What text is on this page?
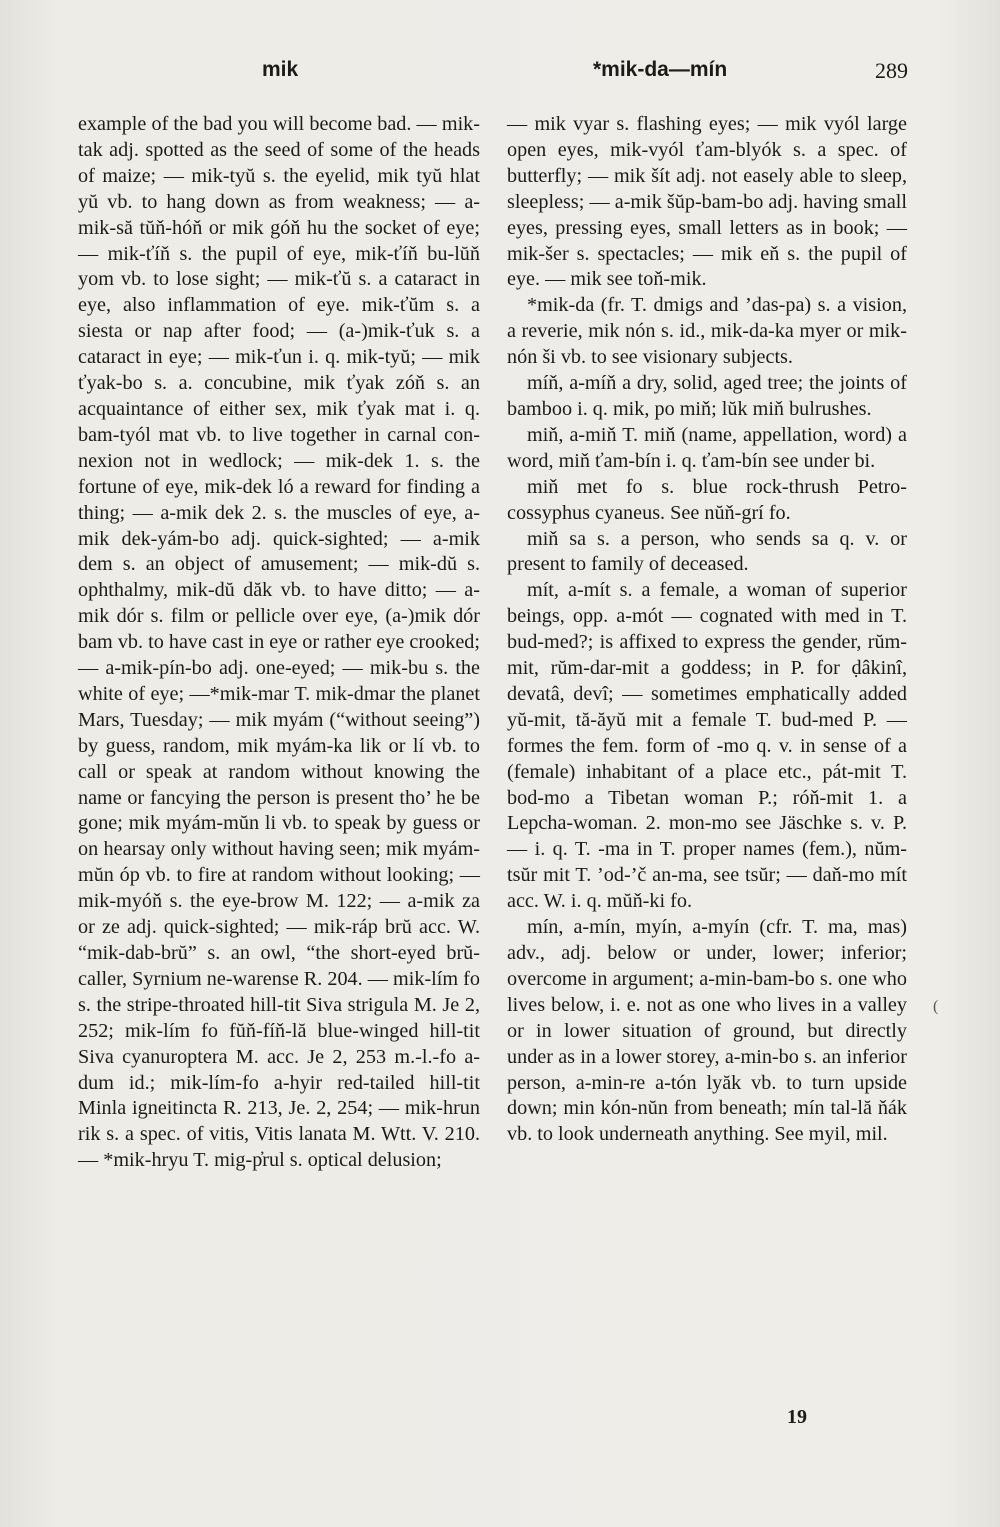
mik	*mik-da—mín	289

example of the bad you will become bad. — mik-tak adj. spotted as the seed of some of the heads of maize; — mik-tyŭ s. the eyelid, mik tyŭ hlat yŭ vb. to hang down as from weakness; — a-mik-să tŭň-hóň or mik góň hu the socket of eye; — mik-ťíň s. the pupil of eye, mik-ťíň bu-lŭň yom vb. to lose sight; — mik-ťŭ s. a cataract in eye, also inflammation of eye. mik-ťŭm s. a siesta or nap after food; — (a-)mik-ťuk s. a cataract in eye; — mik-ťun i. q. mik-tyŭ; — mik ťyak-bo s. a. concubine, mik ťyak zóň s. an acquaintance of either sex, mik ťyak mat i. q. bam-tyól mat vb. to live together in carnal con-nexion not in wedlock; — mik-dek 1. s. the fortune of eye, mik-dek ló a reward for finding a thing; — a-mik dek 2. s. the muscles of eye, a-mik dek-yám-bo adj. quick-sighted; — a-mik dem s. an object of amusement; — mik-dŭ s. ophthalmy, mik-dŭ dăk vb. to have ditto; — a-mik dór s. film or pellicle over eye, (a-)mik dór bam vb. to have cast in eye or rather eye crooked; — a-mik-pín-bo adj. one-eyed; — mik-bu s. the white of eye; —*mik-mar T. mik-dmar the planet Mars, Tuesday; — mik myám (“without seeing”) by guess, random, mik myám-ka lik or lí vb. to call or speak at random without knowing the name or fancying the person is present tho’ he be gone; mik myám-mŭn li vb. to speak by guess or on hearsay only without having seen; mik myám-mŭn óp vb. to fire at random without looking; — mik-myóň s. the eye-brow M. 122; — a-mik za or ze adj. quick-sighted; — mik-ráp brŭ acc. W. “mik-dab-brŭ” s. an owl, “the short-eyed brŭ-caller, Syrnium ne-warense R. 204. — mik-lím fo s. the stripe-throated hill-tit Siva strigula M. Je 2, 252; mik-lím fo fŭň-fíň-lă blue-winged hill-tit Siva cyanuroptera M. acc. Je 2, 253 m.-l.-fo a-dum id.; mik-lím-fo a-hyir red-tailed hill-tit Minla igneitincta R. 213, Je. 2, 254; — mik-hrun rik s. a spec. of vitis, Vitis lanata M. Wtt. V. 210. — *mik-hryu T. mig-p̓rul s. optical delusion;

— mik vyar s. flashing eyes; — mik vyól large open eyes, mik-vyól ťam-blyók s. a spec. of butterfly; — mik šít adj. not easely able to sleep, sleepless; — a-mik šŭp-bam-bo adj. having small eyes, pressing eyes, small letters as in book; — mik-šer s. spectacles; — mik eň s. the pupil of eye. — mik see toň-mik.

*mik-da (fr. T. dmigs and ’das-pa) s. a vision, a reverie, mik nón s. id., mik-da-ka myer or mik-nón ši vb. to see visionary subjects.

míň, a-míň a dry, solid, aged tree; the joints of bamboo i. q. mik, po miň; lŭk miň bulrushes.

miň, a-miň T. miň (name, appellation, word) a word, miň ťam-bín i. q. ťam-bín see under bi.

miň met fo s. blue rock-thrush Petro-cossyphus cyaneus. See nŭň-grí fo.

miň sa s. a person, who sends sa q. v. or present to family of deceased.

mít, a-mít s. a female, a woman of superior beings, opp. a-mót — cognated with med in T. bud-med?; is affixed to express the gender, rŭm-mit, rŭm-dar-mit a goddess; in P. for ḍâkinî, devatâ, devî; — sometimes emphatically added yŭ-mit, tă-ăyŭ mit a female T. bud-med P. — formes the fem. form of -mo q. v. in sense of a (female) inhabitant of a place etc., pát-mit T. bod-mo a Tibetan woman P.; róň-mit 1. a Lepcha-woman. 2. mon-mo see Jäschke s. v. P. — i. q. T. -ma in T. proper names (fem.), nŭm-tsŭr mit T. ’od-’č an-ma, see tsŭr; — daň-mo mít acc. W. i. q. mŭň-ki fo.

mín, a-mín, myín, a-myín (cfr. T. ma, mas) adv., adj. below or under, lower; inferior; overcome in argument; a-min-bam-bo s. one who lives below, i. e. not as one who lives in a valley or in lower situation of ground, but directly under as in a lower storey, a-min-bo s. an inferior person, a-min-re a-tón lyăk vb. to turn upside down; min kón-nŭn from beneath; mín tal-lă ňák vb. to look underneath anything. See myil, mil.

(
19
